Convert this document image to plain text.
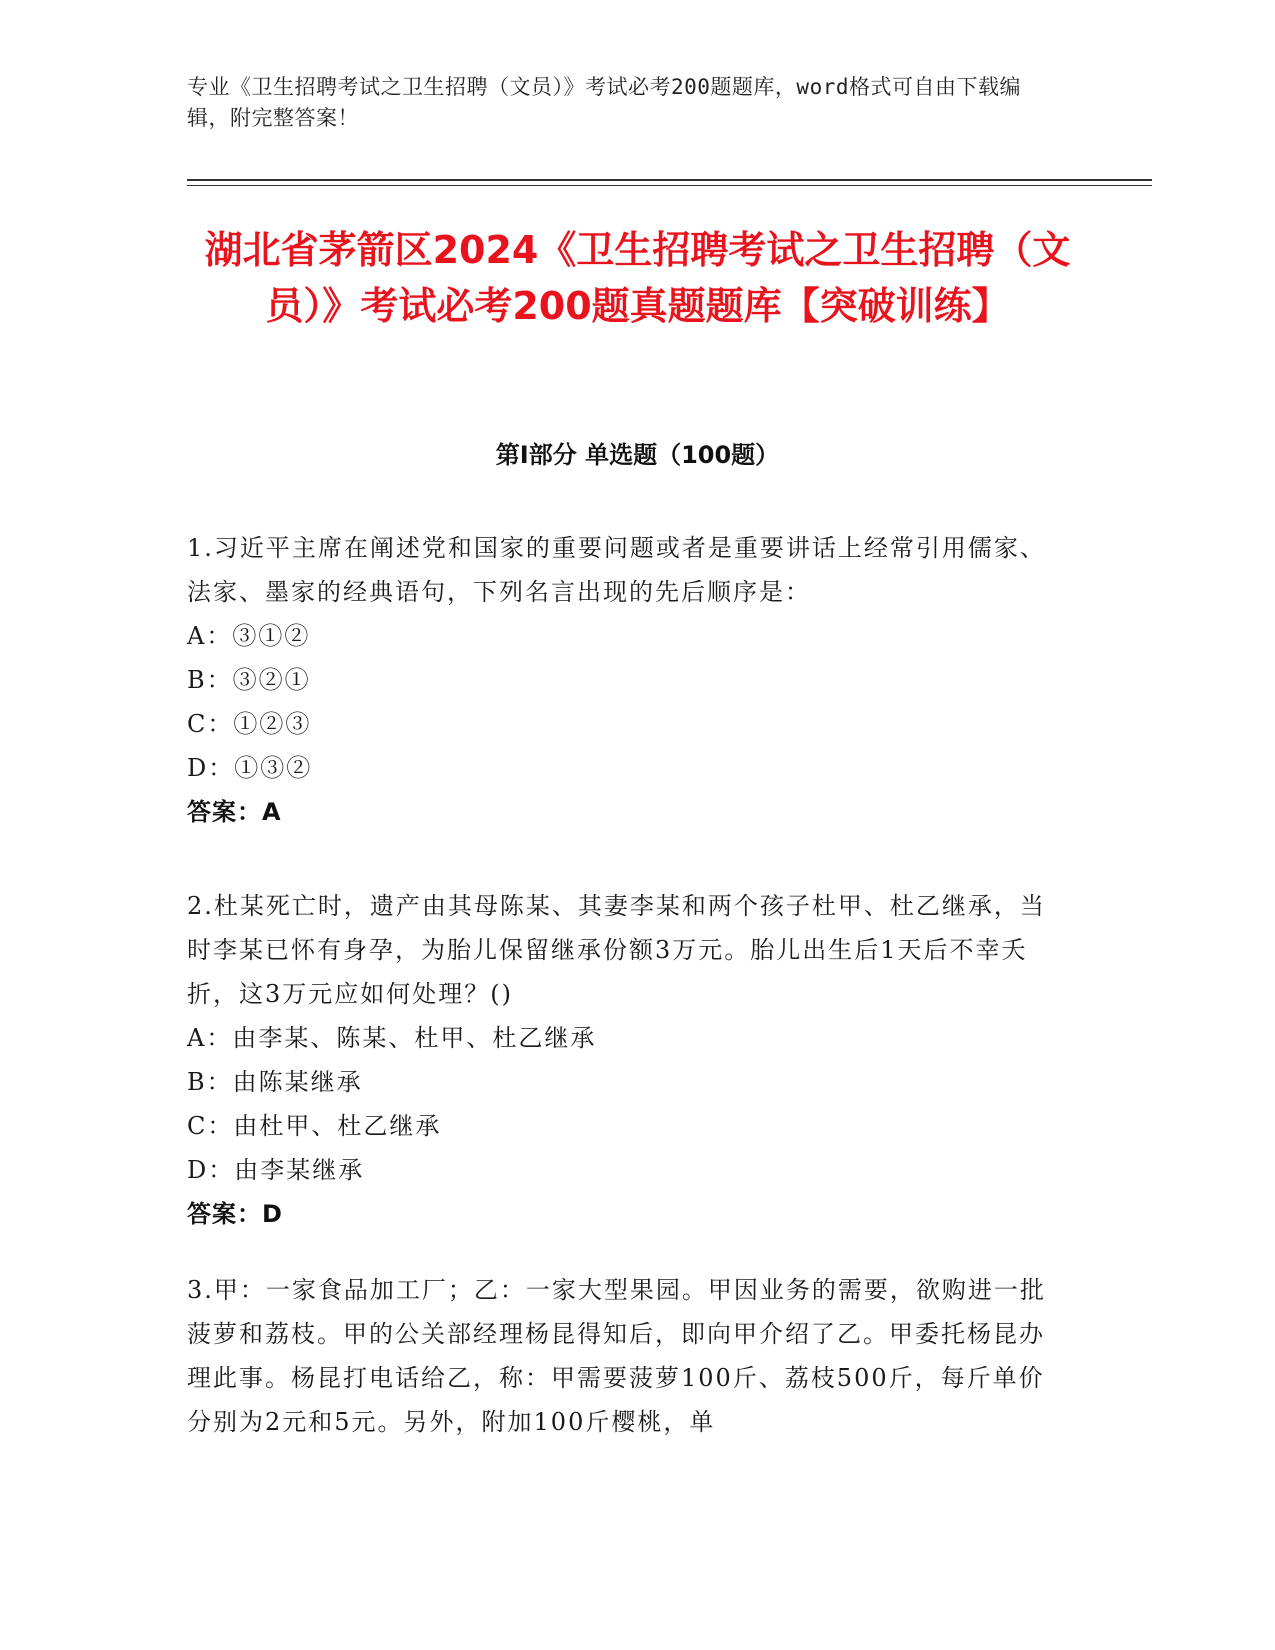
专业《卫生招聘考试之卫生招聘（文员）》考试必考200题题库，word格式可自由下载编辑，附完整答案！
湖北省茅箭区2024《卫生招聘考试之卫生招聘（文员）》考试必考200题真题题库【突破训练】
第I部分 单选题（100题）
1.习近平主席在阐述党和国家的重要问题或者是重要讲话上经常引用儒家、法家、墨家的经典语句，下列名言出现的先后顺序是：
A：③①②
B：③②①
C：①②③
D：①③②
答案：A
2.杜某死亡时，遗产由其母陈某、其妻李某和两个孩子杜甲、杜乙继承，当时李某已怀有身孕，为胎儿保留继承份额3万元。胎儿出生后1天后不幸夭折，这3万元应如何处理？()
A：由李某、陈某、杜甲、杜乙继承
B：由陈某继承
C：由杜甲、杜乙继承
D：由李某继承
答案：D
3.甲：一家食品加工厂；乙：一家大型果园。甲因业务的需要，欲购进一批菠萝和荔枝。甲的公关部经理杨昆得知后，即向甲介绍了乙。甲委托杨昆办理此事。杨昆打电话给乙，称：甲需要菠萝100斤、荔枝500斤，每斤单价分别为2元和5元。另外，附加100斤樱桃，单
